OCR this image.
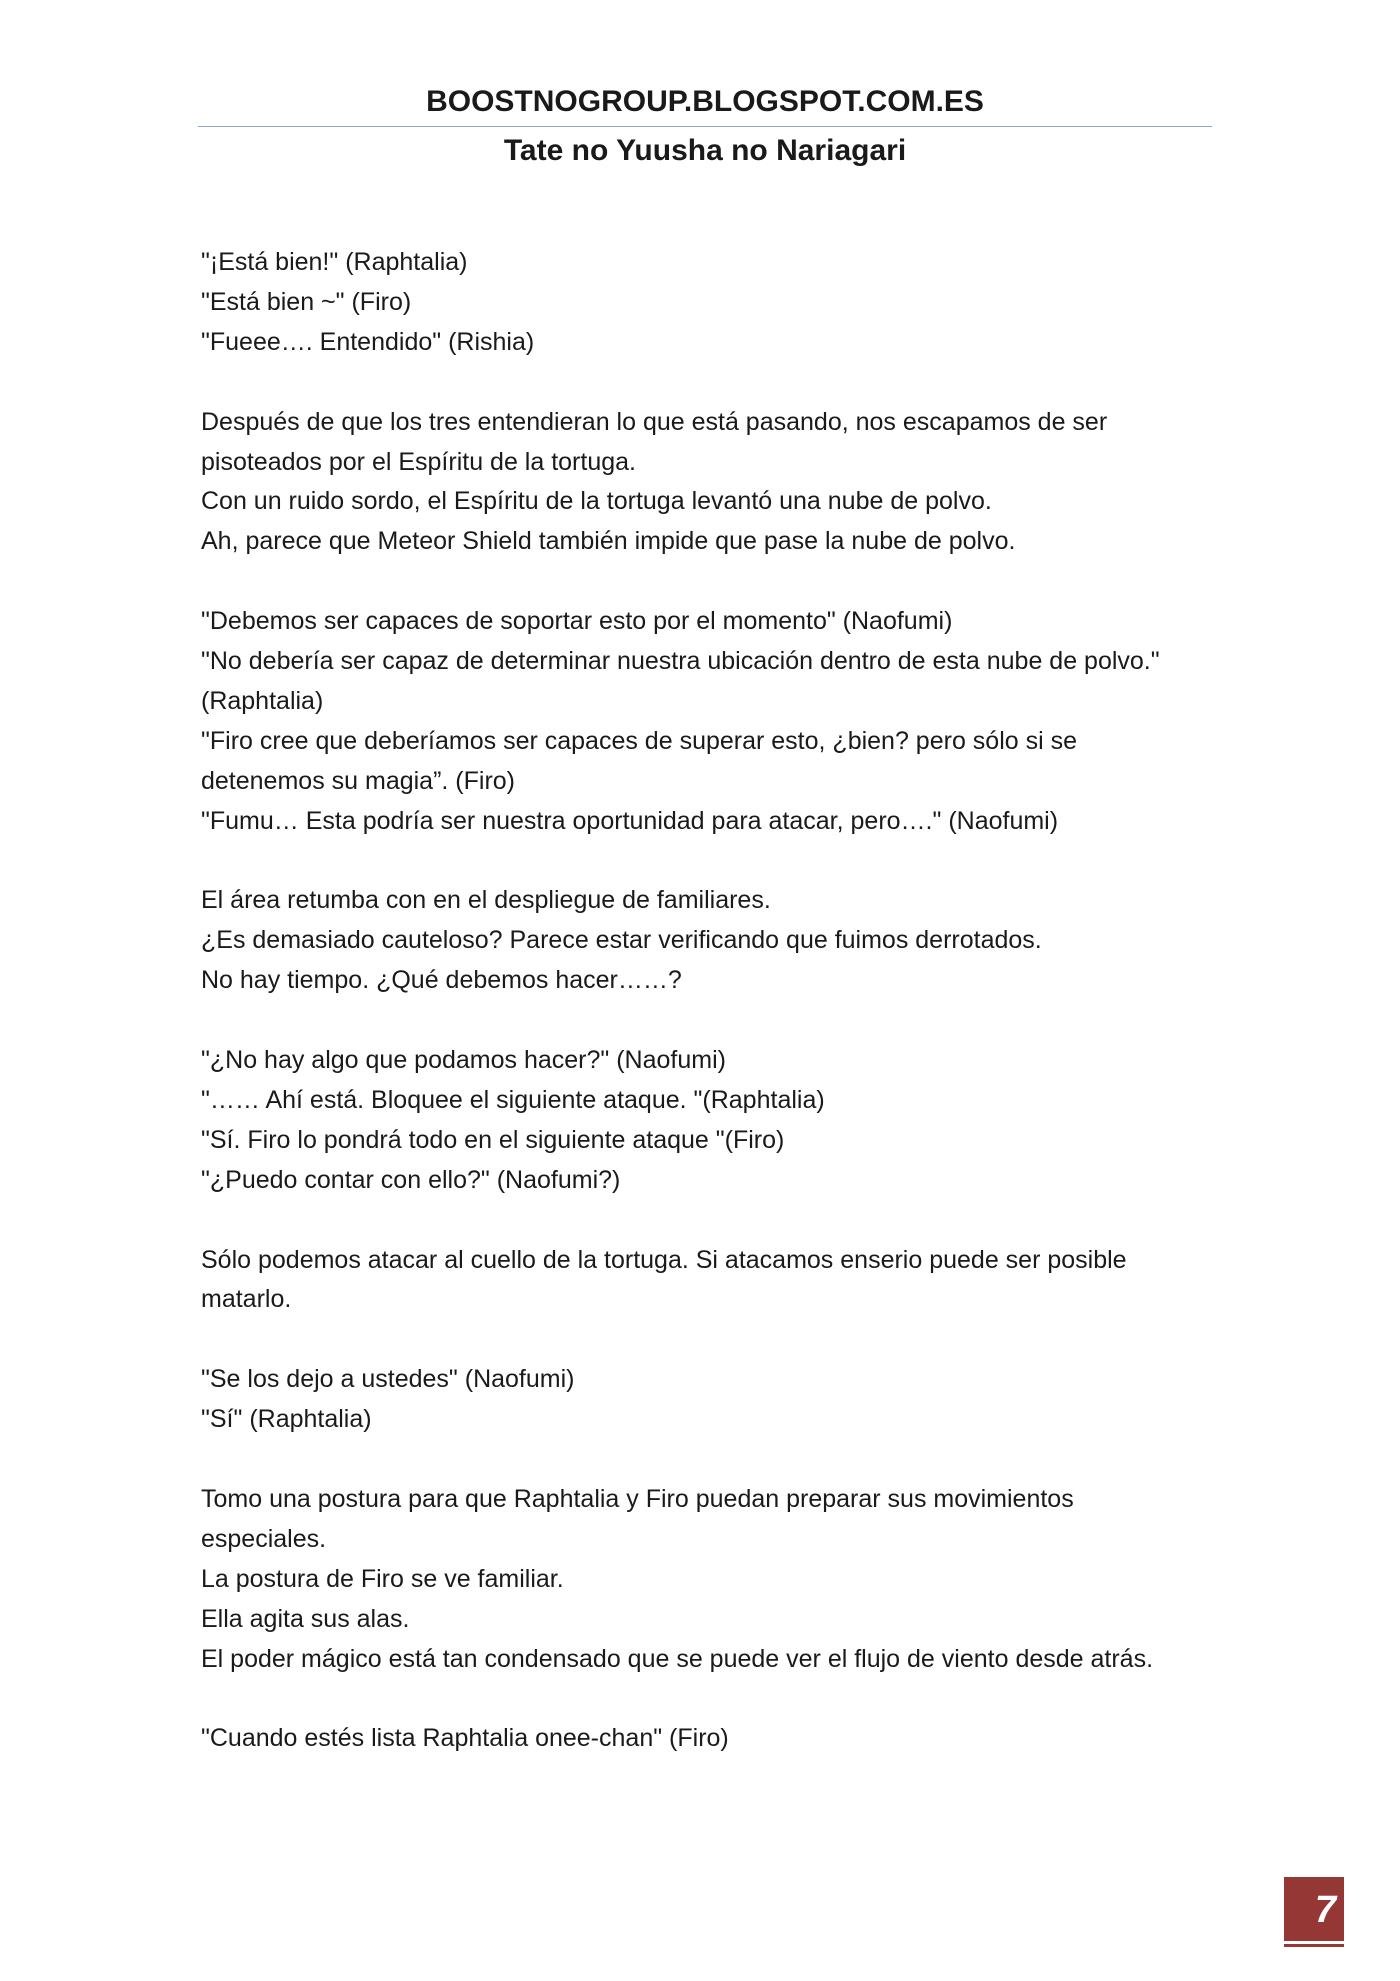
BOOSTNOGROUP.BLOGSPOT.COM.ES
Tate no Yuusha no Nariagari
"¡Está bien!" (Raphtalia)
"Está bien ~" (Firo)
"Fueee…. Entendido" (Rishia)
Después de que los tres entendieran lo que está pasando, nos escapamos de ser
pisoteados por el Espíritu de la tortuga.
Con un ruido sordo, el Espíritu de la tortuga levantó una nube de polvo.
Ah, parece que Meteor Shield también impide que pase la nube de polvo.
"Debemos ser capaces de soportar esto por el momento" (Naofumi)
"No debería ser capaz de determinar nuestra ubicación dentro de esta nube de polvo."
(Raphtalia)
"Firo cree que deberíamos ser capaces de superar esto, ¿bien? pero sólo si se
detenemos su magia”. (Firo)
"Fumu… Esta podría ser nuestra oportunidad para atacar, pero…." (Naofumi)
El área retumba con en el despliegue de familiares.
¿Es demasiado cauteloso? Parece estar verificando que fuimos derrotados.
No hay tiempo. ¿Qué debemos hacer……?
"¿No hay algo que podamos hacer?" (Naofumi)
"…… Ahí está. Bloquee el siguiente ataque. "(Raphtalia)
"Sí. Firo lo pondrá todo en el siguiente ataque "(Firo)
"¿Puedo contar con ello?" (Naofumi?)
Sólo podemos atacar al cuello de la tortuga. Si atacamos enserio puede ser posible
matarlo.
"Se los dejo a ustedes" (Naofumi)
"Sí" (Raphtalia)
Tomo una postura para que Raphtalia y Firo puedan preparar sus movimientos
especiales.
La postura de Firo se ve familiar.
Ella agita sus alas.
El poder mágico está tan condensado que se puede ver el flujo de viento desde atrás.
"Cuando estés lista Raphtalia onee-chan" (Firo)
7
